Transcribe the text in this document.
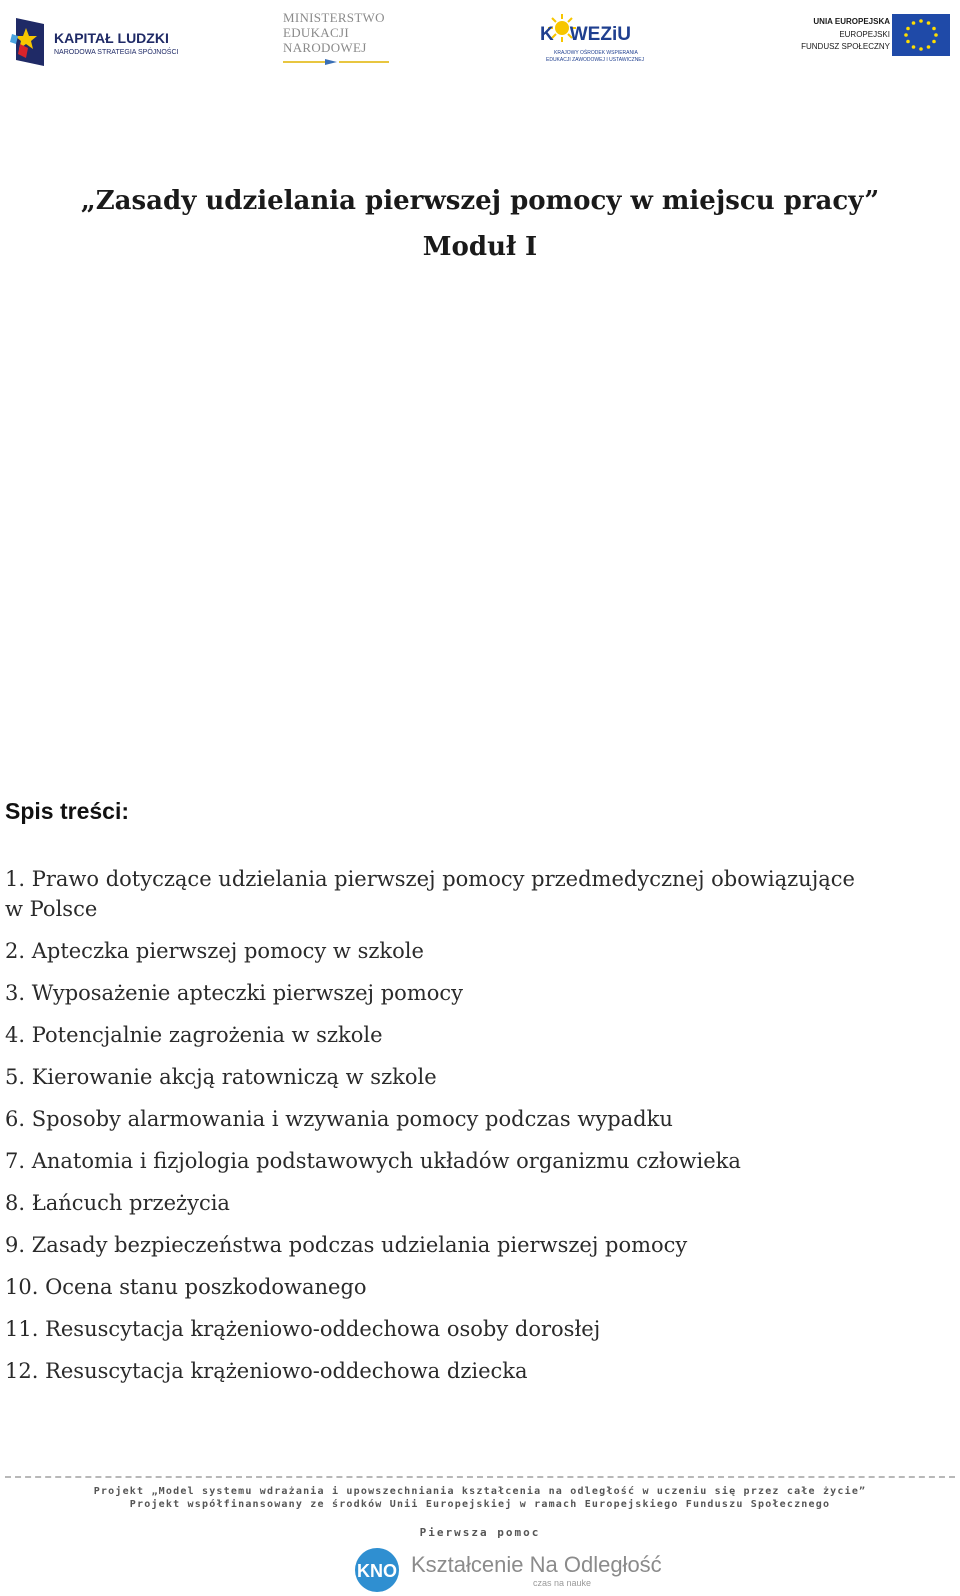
KAPITAŁ LUDZKI
NARODOWA STRATEGIA SPÓJNOŚCI
MINISTERSTWO
EDUKACJI
NARODOWEJ
K WEZiU
KRAJOWY OŚRODEK WSPIERANIA
EDUKACJI ZAWODOWEJ I USTAWICZNEJ
UNIA EUROPEJSKA
EUROPEJSKI
FUNDUSZ SPOŁECZNY
„Zasady udzielania pierwszej pomocy w miejscu pracy”
Moduł I
Spis treści:
1. Prawo dotyczące udzielania pierwszej pomocy przedmedycznej obowiązujące w Polsce
2. Apteczka pierwszej pomocy w szkole
3. Wyposażenie apteczki pierwszej pomocy
4. Potencjalnie zagrożenia w szkole
5. Kierowanie akcją ratowniczą w szkole
6. Sposoby alarmowania i wzywania pomocy podczas wypadku
7. Anatomia i fizjologia podstawowych układów organizmu człowieka
8. Łańcuch przeżycia
9. Zasady bezpieczeństwa podczas udzielania pierwszej pomocy
10. Ocena stanu poszkodowanego
11. Resuscytacja krążeniowo-oddechowa osoby dorosłej
12. Resuscytacja krążeniowo-oddechowa dziecka
Projekt „Model systemu wdrażania i upowszechniania kształcenia na odległość w uczeniu się przez całe życie”
Projekt współfinansowany ze środków Unii Europejskiej w ramach Europejskiego Funduszu Społecznego
Pierwsza pomoc
KNO Kształcenie Na Odległość
czas na nauke
